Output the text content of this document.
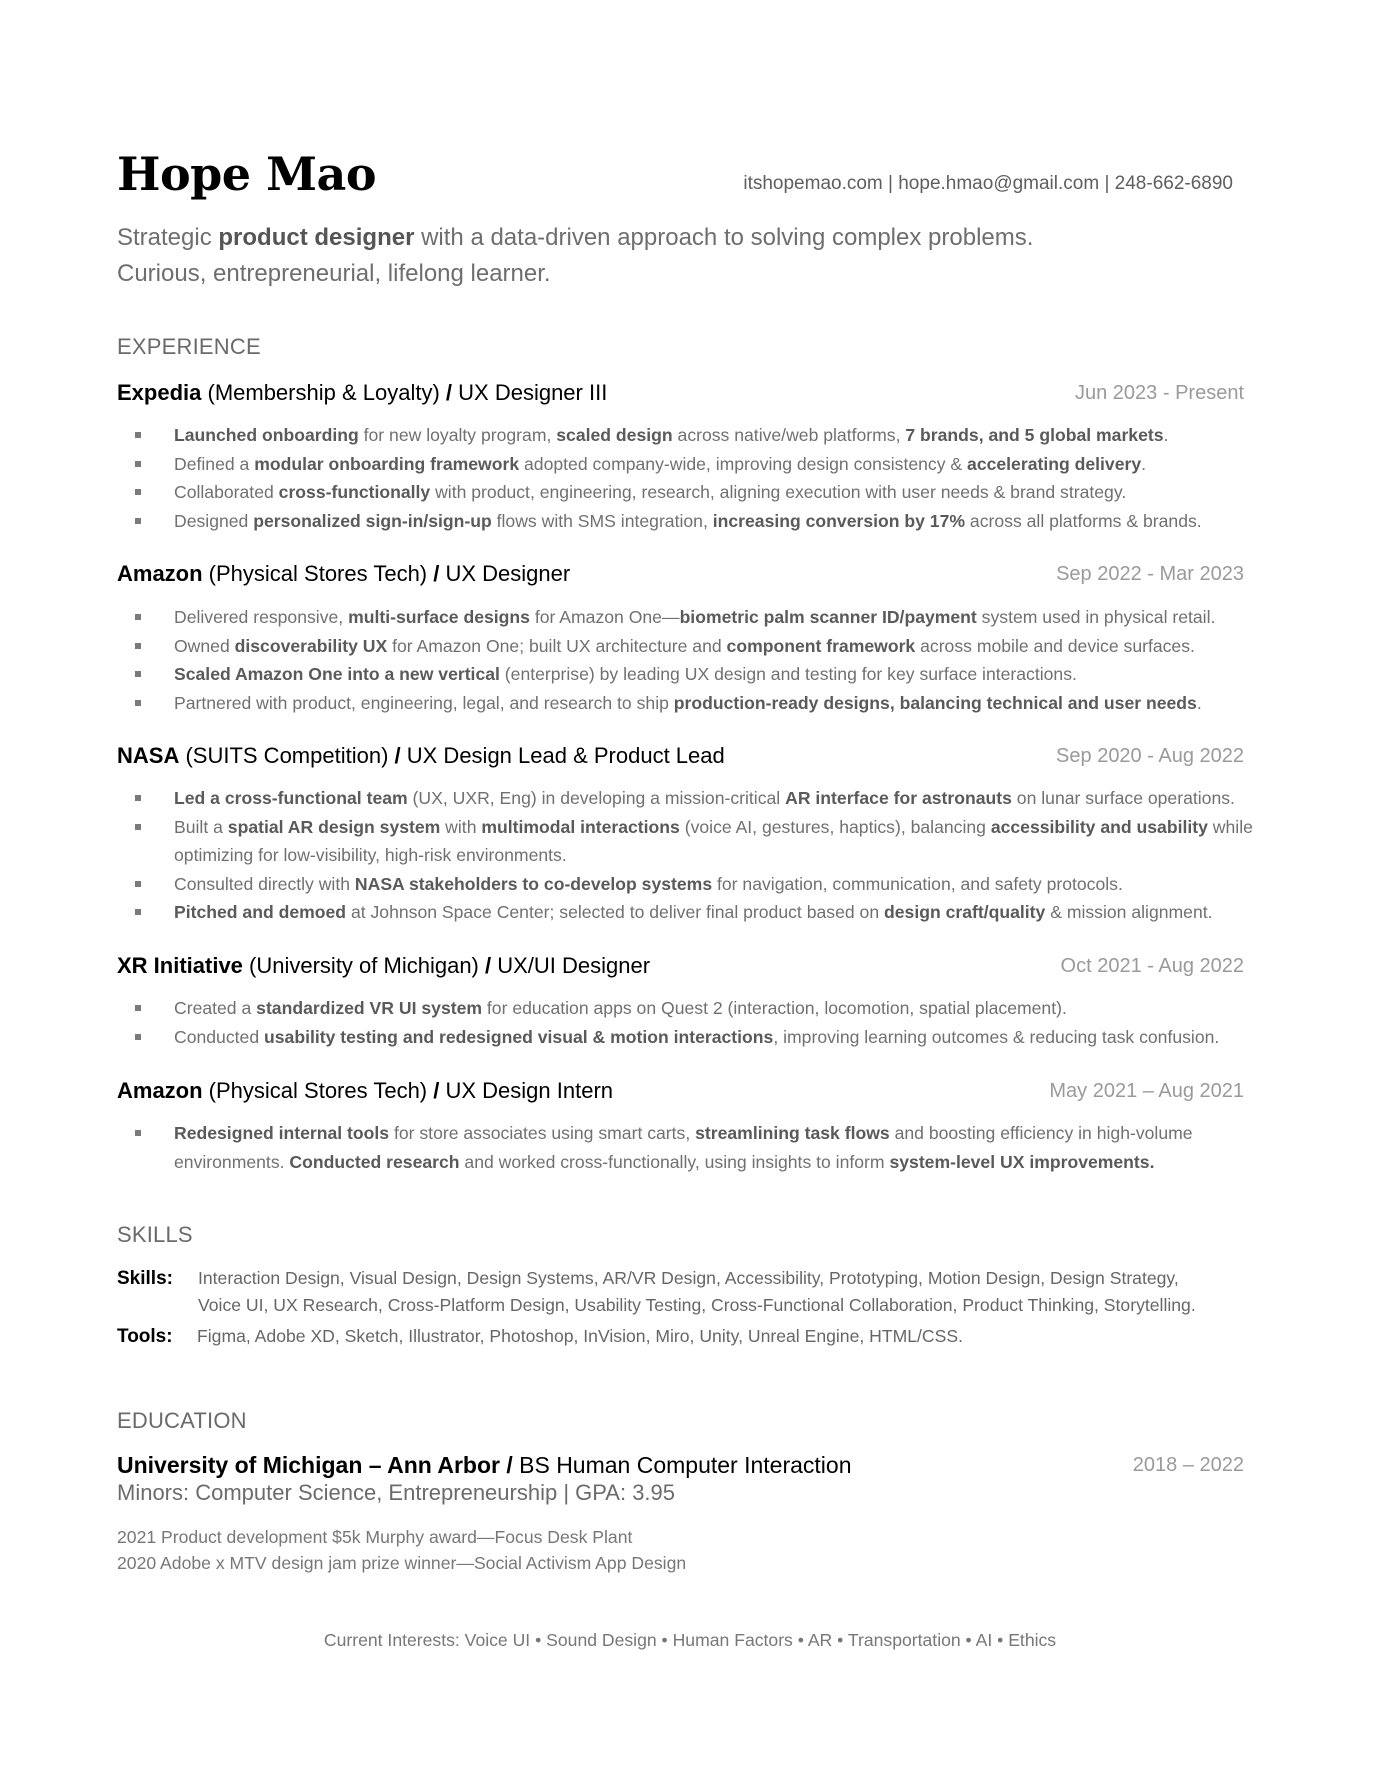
Hope Mao	itshopemao.com | hope.hmao@gmail.com | 248-662-6890
Strategic product designer with a data-driven approach to solving complex problems.
Curious, entrepreneurial, lifelong learner.
EXPERIENCE
Expedia (Membership & Loyalty) / UX Designer III	Jun 2023 - Present
Launched onboarding for new loyalty program, scaled design across native/web platforms, 7 brands, and 5 global markets.
Defined a modular onboarding framework adopted company-wide, improving design consistency & accelerating delivery.
Collaborated cross-functionally with product, engineering, research, aligning execution with user needs & brand strategy.
Designed personalized sign-in/sign-up flows with SMS integration, increasing conversion by 17% across all platforms & brands.
Amazon (Physical Stores Tech) / UX Designer	Sep 2022 - Mar 2023
Delivered responsive, multi-surface designs for Amazon One—biometric palm scanner ID/payment system used in physical retail.
Owned discoverability UX for Amazon One; built UX architecture and component framework across mobile and device surfaces.
Scaled Amazon One into a new vertical (enterprise) by leading UX design and testing for key surface interactions.
Partnered with product, engineering, legal, and research to ship production-ready designs, balancing technical and user needs.
NASA (SUITS Competition) / UX Design Lead & Product Lead	Sep 2020 - Aug 2022
Led a cross-functional team (UX, UXR, Eng) in developing a mission-critical AR interface for astronauts on lunar surface operations.
Built a spatial AR design system with multimodal interactions (voice AI, gestures, haptics), balancing accessibility and usability while optimizing for low-visibility, high-risk environments.
Consulted directly with NASA stakeholders to co-develop systems for navigation, communication, and safety protocols.
Pitched and demoed at Johnson Space Center; selected to deliver final product based on design craft/quality & mission alignment.
XR Initiative (University of Michigan) / UX/UI Designer	Oct 2021 - Aug 2022
Created a standardized VR UI system for education apps on Quest 2 (interaction, locomotion, spatial placement).
Conducted usability testing and redesigned visual & motion interactions, improving learning outcomes & reducing task confusion.
Amazon (Physical Stores Tech) / UX Design Intern	May 2021 – Aug 2021
Redesigned internal tools for store associates using smart carts, streamlining task flows and boosting efficiency in high-volume environments. Conducted research and worked cross-functionally, using insights to inform system-level UX improvements.
SKILLS
Skills: Interaction Design, Visual Design, Design Systems, AR/VR Design, Accessibility, Prototyping, Motion Design, Design Strategy,
Voice UI, UX Research, Cross-Platform Design, Usability Testing, Cross-Functional Collaboration, Product Thinking, Storytelling.
Tools: Figma, Adobe XD, Sketch, Illustrator, Photoshop, InVision, Miro, Unity, Unreal Engine, HTML/CSS.
EDUCATION
University of Michigan – Ann Arbor / BS Human Computer Interaction	2018 – 2022
Minors: Computer Science, Entrepreneurship | GPA: 3.95
2021 Product development $5k Murphy award—Focus Desk Plant
2020 Adobe x MTV design jam prize winner—Social Activism App Design
Current Interests: Voice UI • Sound Design • Human Factors • AR • Transportation • AI • Ethics
